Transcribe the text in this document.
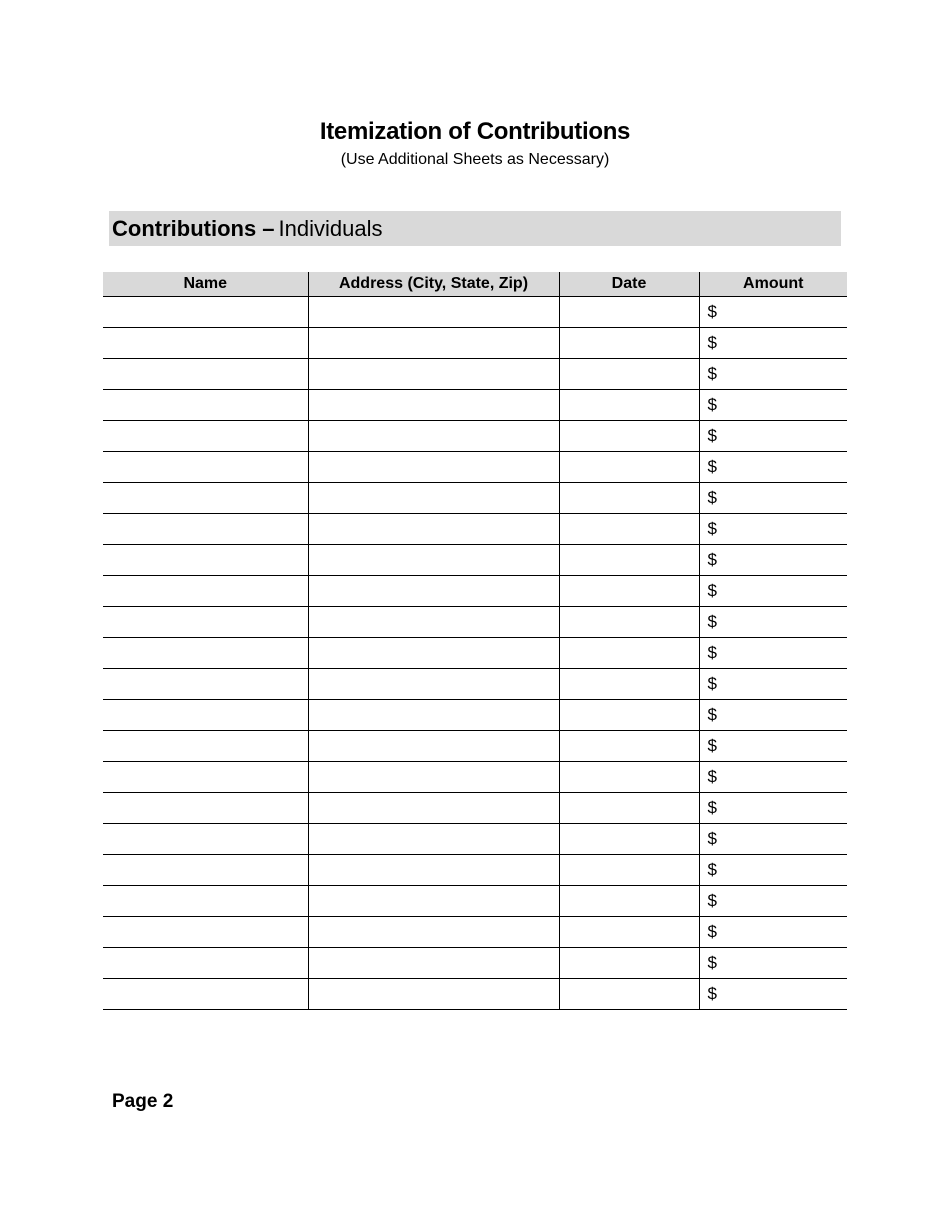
Itemization of Contributions
(Use Additional Sheets as Necessary)
Contributions – Individuals
Name	Address (City, State, Zip)	Date	Amount
			$
			$
			$
			$
			$
			$
			$
			$
			$
			$
			$
			$
			$
			$
			$
			$
			$
			$
			$
			$
			$
			$
			$
Page 2
